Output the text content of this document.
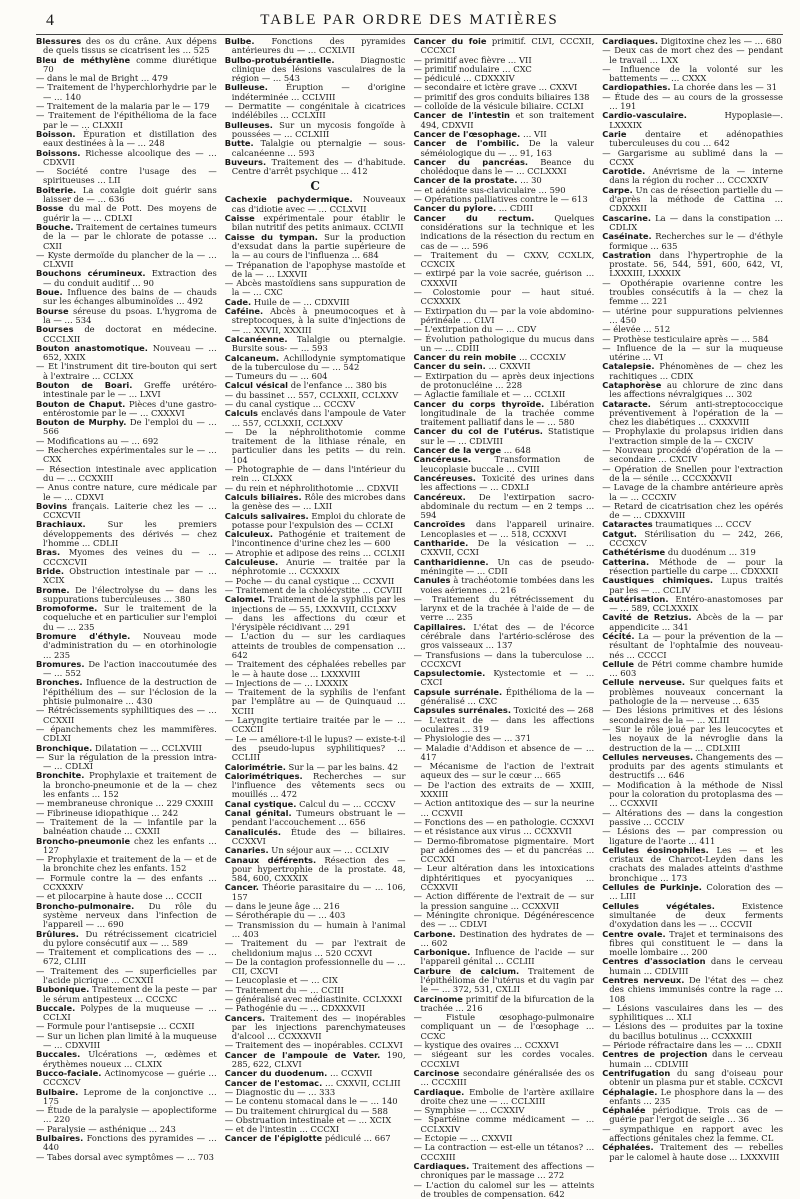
4	TABLE PAR ORDRE DES MATIÈRES

Blessures des os du crâne. Aux dépens de quels tissus se cicatrisent les … 525

Bleu de méthylène comme diurétique 70

— dans le mal de Bright … 479

— Traitement de l'hyperchlorhydrie par le — … 140

— Traitement de la malaria par le — 179

— Traitement de l'épithélioma de la face par le — … CLXXII

Boisson. Épuration et distillation des eaux destinées à la — … 248

Boissons. Richesse alcoolique des — … CDXVII

— Société contre l'usage des — spiritueuses … LII

Boiterie. La coxalgie doit guérir sans laisser de — … 636

Bosse du mal de Pott. Des moyens de guérir la — … CDLXI

Bouche. Traitement de certaines tumeurs de la — par le chlorate de potasse … CXII

— Kyste dermoïde du plancher de la — … CLXVII

Bouchons cérumineux. Extraction des — du conduit auditif … 90

Boue. Influence des bains de — chauds sur les échanges albuminoïdes … 492

Bourse séreuse du psoas. L'hygroma de la — … 534

Bourses de doctorat en médecine. CCCLXII

Bouton anastomotique. Nouveau — … 652, XXIX

— Et l'instrument dit tire-bouton qui sert à l'extraire … CCLXX

Bouton de Boari. Greffe urétéro-intestinale par le — … LXVI

Bouton de Chaput. Pièces d'une gastro-entérostomie par le — … CXXXVI

Bouton de Murphy. De l'emploi du — … 566

— Modifications au — … 692

— Recherches expérimentales sur le — … CXX

— Résection intestinale avec application du — … CCXXIII

— Anus contre nature, cure médicale par le — … CDXVI

Bovins français. Laiterie chez les — … CCXCVII

Brachiaux.	Sur les premiers développements des dérivés — chez l'homme … CDLII

Bras. Myomes des veines du — … CCCXCVII

Bride. Obstruction intestinale par — … XCIX

Brome. De l'électrolyse du — dans les suppurations tuberculeuses … 380

Bromoforme. Sur le traitement de la coqueluche et en particulier sur l'emploi du — … 235

Bromure d'éthyle. Nouveau mode d'administration du — en otorhinologie … 235

Bromures. De l'action inaccoutumée des — … 552

Bronches. Influence de la destruction de l'épithélium des — sur l'éclosion de la phtisie pulmonaire … 430

— Rétrécissements syphilitiques des — … CCXXII

— épanchements chez les mammifères. CDLXI

Bronchique. Dilatation — … CCLXVIII

— Sur la régulation de la pression intra- — … CDLXI

Bronchite. Prophylaxie et traitement de la broncho-pneumonie et de la — chez les enfants … 152

— membraneuse chronique … 229 CXXIII

— Fibrineuse idiopathique … 242

— Traitement de la — infantile par la balnéation chaude … CXXII

Broncho-pneumonie chez les enfants … 127

— Prophylaxie et traitement de la — et de la bronchite chez les enfants. 152

— Formule contre la — des enfants … CCXXXIV

— et pilocarpine à haute dose … CCCII

Broncho-pulmonaire. Du rôle du système nerveux dans l'infection de l'appareil — … 690

Brûlures. Du rétrécissement cicatriciel du pylore consécutif aux — … 589

— Traitement et complications des — … 672, CLIII

— Traitement des — superficielles par l'acide picrique … CCXXII

Bubonique. Traitement de la peste — par le sérum antipesteux … CCCXC

Buccale. Polypes de la muqueuse — … CCLXI

— Formule pour l'antisepsie … CCXII

— Sur un lichen plan limité à la muqueuse — … CDXVIII

Buccales. Ulcérations —, œdèmes et érythèmes noueux … CLXIX

Bucco-faciale. Actinomycose — guérie … CCCXCV

Bulbaire. Leprome de la conjonctive … 175

— Étude de la paralysie — apoplectiforme … 220

— Paralysie — asthénique … 243

Bulbaires. Fonctions des pyramides — … 440

— Tabes dorsal avec symptômes — … 703

Bulbe. Fonctions des pyramides antérieures du — … CCXLVII

Bulbo-protubérantielle.	Diagnostic clinique des lésions vasculaires de la région — … 543

Bulleuse. Éruption — d'origine indéterminée … CCLVIII

— Dermatite — congénitale à cicatrices indélébiles … CCLXIII

Bulleuses. Sur un mycosis fongoïde à poussées — … CCLXIII

Butte. Talalgie ou pternalgie — sous-calcanéenne … 593

Buveurs. Traitement des — d'habitude. Centre d'arrêt psychique … 412

C

Cachexie pachydermique. Nouveaux cas d'idiotie avec — … CCLXVII

Caisse expérimentale pour établir le bilan nutritif des petits animaux. CCLVII

Caisse du tympan. Sur la production d'exsudat dans la partie supérieure de la — au cours de l'influenza … 684

— Trépanation de l'apophyse mastoïde et de la — … LXXVII

— Abcès mastoïdiens sans suppuration de la — … CXC

Cade. Huile de — … CDXVIII

Caféine. Abcès à pneumocoques et à streptocoques, à la suite d'injections de — … XXVII, XXXIII

Calcanéenne. Talalgie ou pternalgie. Bursite sous- — … 593

Calcaneum. Achillodynie symptomatique de la tuberculose du — … 542

— Tumeurs du — … 604

Calcul vésical de l'enfance … 380 bis

— du bassinet … 557, CCLXXII, CCLXXV

— du canal cystique … CCCXV

Calculs enclavés dans l'ampoule de Vater … 557, CCLXXII, CCLXXV

— De la néphrolithotomie comme traitement de la lithiase rénale, en particulier dans les petits — du rein. 104

— Photographie de — dans l'intérieur du rein … CLXXX

— du rein et néphrolithotomie … CDXVII

Calculs biliaires. Rôle des microbes dans la genèse des — … LXII

Calculs salivaires. Emploi du chlorate de potasse pour l'expulsion des — CCLXI

Calculeux. Pathogénie et traitement de l'incontinence d'urine chez les — 600

— Atrophie et adipose des reins … CCLXII

Calculeuse. Anurie — traitée par la néphrotomie … CCXXXIX

— Poche — du canal cystique … CCXVII

— Traitement de la cholécystite … CCVIII

Calomel. Traitement de la syphilis par les injections de — 55, LXXXVIII, CCLXXV

— dans les affections du cœur et l'érysipèle récidivant … 291

— L'action du — sur les cardiaques atteints de troubles de compensation … 642

— Traitement des céphalées rebelles par le — à haute dose … LXXXVIII

— Injections de — … LXXXIX

— Traitement de la syphilis de l'enfant par l'emplâtre au — de Quinquaud … XCIII

— Laryngite tertiaire traitée par le — … CCXCII

— Le — améliore-t-il le lupus? — existe-t-il des pseudo-lupus syphilitiques? … CCLIII

Calorimétrie. Sur la — par les bains. 42

Calorimétriques. Recherches — sur l'influence des vêtements secs ou mouillés … 472

Canal cystique. Calcul du — … CCCXV

Canal génital. Tumeurs obstruant le — pendant l'accouchement … 656

Canaliculés. Étude des — biliaires. CCXXVI

Canaries. Un séjour aux — … CCLXIV

Canaux déférents. Résection des — pour hypertrophie de la prostate. 48, 584, 600, CXXXIX

Cancer. Théorie parasitaire du — … 106, 157

— dans le jeune âge … 216

— Sérothérapie du — … 403

— Transmission du — humain à l'animal … 403

— Traitement du — par l'extrait de chelidonium majus … 520 CCXVI

— De la contagion professionnelle du — … CII, CXCVI

— Leucoplasie et — … CIX

— Traitement du — … CCIII

— généralisé avec médiastinite. CCLXXXI

— Pathogénie du — … CDXXXVII

Cancers. Traitement des — inopérables par les injections parenchymateuses d'alcool … CCXXXVII

— Traitement des — inopérables. CCLXVI

Cancer de l'ampoule de Vater. 190, 285, 622, CLXVI

Cancer du duodenum. … CCXVII

Cancer de l'estomac. … CXXVII, CCLIII

— Diagnostic du — … 333

— Le contenu stomacal dans le — … 140

— Du traitement chirurgical du — 588

— Obstruation intestinale et — … XCIX

— et de l'intestin … CCCXI

Cancer de l'épiglotte pédiculé … 667

Cancer du foie primitif. CLVI, CCCXII, CCCXCI

— primitif avec fièvre … VII

— primitif nodulaire … CXC

— pédiculé … CDXXXIV

— secondaire et ictère grave … CXXVI

— primitif des gros conduits biliaires 138

— colloïde de la vésicule biliaire. CCLXI

Cancer de l'intestin et son traitement 494, CDXVII

Cancer de l'œsophage. … VII

Cancer de l'ombilic. De la valeur séméiologique du — … 91, 163

Cancer du pancréas. Beance du cholédoque dans le — … CCLXXXI

Cancer de la prostate. … 30

— et adénite sus-claviculaire … 590

— Opérations palliatives contre le — 613

Cancer du pylore. … CDIII

Cancer du rectum. Quelques considérations sur la technique et les indications de la résection du rectum en cas de — … 596

— Traitement du — CXXV, CCXLIX, CCXCIX

— extirpé par la voie sacrée, guérison … CXXXVII

— Colostomie pour — haut situé. CCXXXIX

— Extirpation du — par la voie abdomino-périnéale … CLVI

— L'extirpation du — … CDV

— Évolution pathologique du mucus dans un — … CDIII

Cancer du rein mobile … CCCXLV

Cancer du sein. … CXXVII

— Extirpation du — après deux injections de protonucléine … 228

— Aglactie familiale et — … CCLXII

Cancer du corps thyroïde. Libération longitudinale de la trachée comme traitement palliatif dans le — … 580

Cancer du col de l'utérus. Statistique sur le — … CDLVIII

Cancer de la verge … 648

Cancéreuse.	Transformation de leucoplasie buccale … CVIII

Cancéreuses. Toxicité des urines dans les affections — … CDXLI

Cancéreux. De l'extirpation sacro-abdominale du rectum — en 2 temps … 594

Cancroïdes dans l'appareil urinaire. Lencoplasies et — … 518, CCXXVI

Cantharide. De la vésication — … CXXVII, CCXI

Cantharidienne. Un cas de pseudo-méningite — … CDII

Canules à trachéotomie tombées dans les voies aériennes … 216

— Traitement du rétrécissement du larynx et de la trachée à l'aide de — de verre … 235

Capillaires. L'état des — de l'écorce cérébrale dans l'artério-sclérose des gros vaisseaux … 137

— Transfusions — dans la tuberculose … CCCXCVI

Capsulectomie. Kystectomie et — … CXCI

Capsule surrénale. Épithélioma de la — généralisé … CXC

Capsules surrénales. Toxicité des — 268

— L'extrait de — dans les affections oculaires … 319

— Physiologie des — … 371

— Maladie d'Addison et absence de — … 417

— Mécanisme de l'action de l'extrait aqueux des — sur le cœur … 665

— De l'action des extraits de — XXIII, XXXIII

— Action antitoxique des — sur la neurine … CCXVII

— Fonctions des — en pathologie. CCXXVI

— et résistance aux virus … CCXXVII

— Dermo-fibromatose pigmentaire. Mort par adénomes des — et du pancréas … CCCXXI

— Leur altération dans les intoxications diphtéritiques et pyocyaniques … CCXXVII

— Action différente de l'extrait de — sur la pression sanguine … CCXXVII

— Méningite chronique. Dégénérescence des — … CDLVI

Carbone. Destination des hydrates de — … 602

Carbonique. Influence de l'acide — sur l'appareil génital … CCLIII

Carbure de calcium. Traitement de l'épithélioma de l'utérus et du vagin par le — … 372, 531, CXLII

Carcinome primitif de la bifurcation de la trachée … 216

— Fistule œsophago-pulmonaire compliquant un — de l'œsophage … CCXC

— kystique des ovaires … CCXXVI

— siégeant sur les cordes vocales. CCCXLVI

Carcinose secondaire généralisée des os … CCCXIII

Cardiaque. Embolie de l'artère axillaire droite chez une — … CCLXIII

— Symphise — … CCXXIV

— Spartéine comme médicament — … CCLXXIV

— Ectopie — … CXXVII

— La contraction — est-elle un tétanos? … CCCXIII

Cardiaques. Traitement des affections — chroniques par le massage … 272

— L'action du calomel sur les — atteints de troubles de compensation. 642

Cardiaques. Digitoxine chez les — … 680

— Deux cas de mort chez des — pendant le travail … LXX

— Influence de la volonté sur les battements — … CXXX

Cardiopathies. La chorée dans les — 31

— Étude des — au cours de la grossesse … 191

Cardio-vasculaire.	Hypoplasie—. LXXXIX

Carie dentaire et adénopathies tuberculeuses du cou … 642

— Gargarisme au sublimé dans la — CCXX

Carotide. Anévrisme de la — interne dans la région du rocher … CCCXXIV

Carpe. Un cas de résection partielle du — d'après la méthode de Cattina … CDXXXII

Cascarine. La — dans la constipation … CDLIX

Caséinate. Recherches sur le — d'éthyle formique … 635

Castration dans l'hypertrophie de la prostate. 56, 544, 591, 600, 642, VI, LXXXIII, LXXXIX

— Opothérapie ovarienne contre les troubles consécutifs à la — chez la femme … 221

— utérine pour suppurations pelviennes … 450

— élevée … 512

— Prothèse testiculaire après — … 584

— Influence de la — sur la muqueuse utérine … VI

Catalepsie. Phénomènes de — chez les rachitiques … CDIX

Cataphorèse au chlorure de zinc dans les affections névralgiques … 302

Cataracte. Sérum anti-streptococcique préventivement à l'opération de la — chez les diabétiques … CXXXVIII

— Prophylaxie du prolapsus iridien dans l'extraction simple de la — CXCIV

— Nouveau procédé d'opération de la — secondaire … CXCIV

— Opération de Snellen pour l'extraction de la — sénile … CCCXXXVII

— Lavage de la chambre antérieure après la — … CCCXIV

— Retard de cicatrisation chez les opérés de — … CDXXVIII

Cataractes traumatiques … CCCV

Catgut. Stérilisation du — 242, 266, CCCXCV

Cathétérisme du duodénum … 319

Catterina. Méthode de — pour la résection partielle du carpe … CDXXXII

Caustiques chimiques. Lupus traités par les — … CCLIV

Cautérisation. Entéro-anastomoses par — … 589, CCLXXXIX

Cavité de Retzius. Abcès de la — par appendicite … 341

Cécité. La — pour la prévention de la — résultant de l'ophtalmie des nouveau-nés … CCCCI

Cellule de Pétri comme chambre humide … 603

Cellule nerveuse. Sur quelques faits et problèmes nouveaux concernant la pathologie de la — nerveuse … 635

— Des lésions primitives et des lésions secondaires de la — … XLIII

— Sur le rôle joué par les leucocytes et les noyaux de la névroglie dans la destruction de la — … CDLXIII

Cellules nerveuses. Changements des — produits par des agents stimulants et destructifs … 646

— Modification à la méthode de Nissl pour la coloration du protoplasma des — … CCXXVII

— Altérations des — dans la congestion passive … CCCLV

— Lésions des — par compression ou ligature de l'aorte … 411

Cellules éosinophiles. Les — et les cristaux de Charcot-Leyden dans les crachats des malades atteints d'asthme bronchique … 173

Cellules de Purkinje. Coloration des — … LIII

Cellules végétales.	Existence simultanée de deux ferments d'oxydation dans les — … CCCVII

Centre ovale. Trajet et terminaisons des fibres qui constituent le — dans la moelle lombaire … 200

Centres d'association dans le cerveau humain … CDLVIII

Centres nerveux. De l'état des — chez des chiens immunisés contre la rage … 108

— Lésions vasculaires dans les — des syphilitiques … XLI

— Lésions des — produites par la toxine du bacillus botulinus … CCXXXIII

— Période réfractaire dans les — … CDXII

Centres de projection dans le cerveau humain … CDLVIII

Centrifugation du sang d'oiseau pour obtenir un plasma pur et stable. CCXCVI

Céphalagie. Le phosphore dans la — des enfants … 235

Céphalée périodique. Trois cas de — guérie par l'ergot de seigle … 36

— sympathique en rapport avec les affections génitales chez la femme. CL

Céphalées. Traitement des — rebelles par le calomel à haute dose … LXXXVIII
